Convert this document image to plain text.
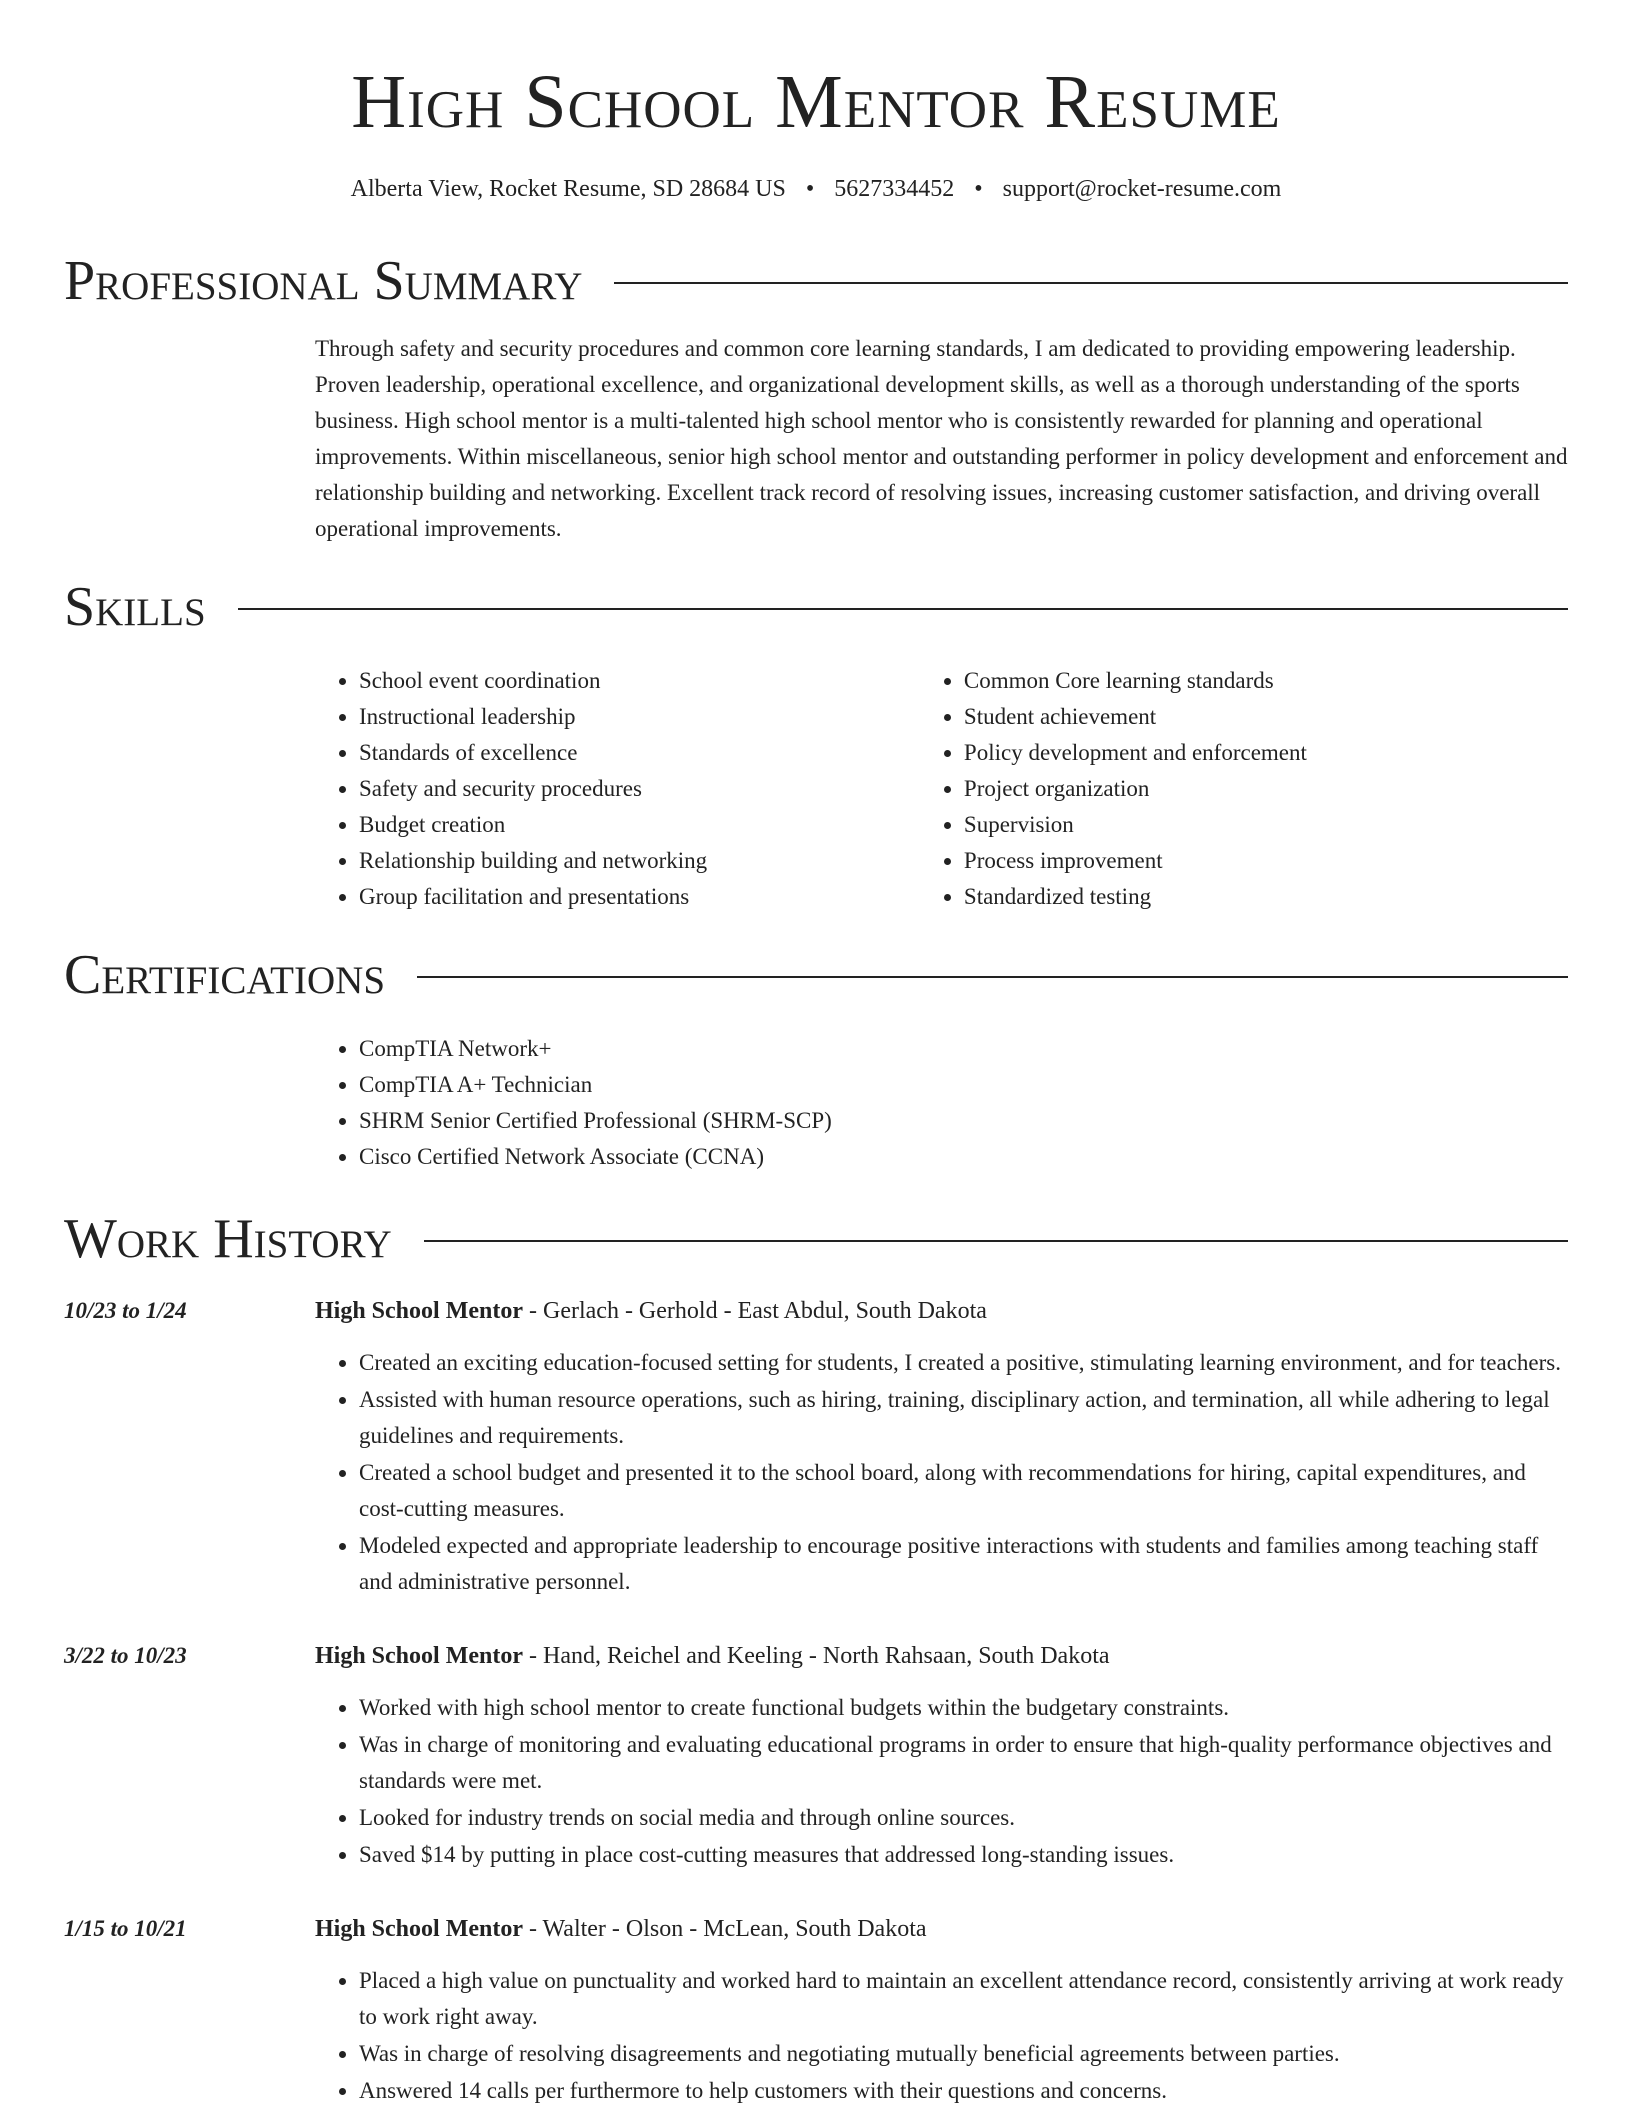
High School Mentor Resume
Alberta View, Rocket Resume, SD 28684 US • 5627334452 • support@rocket-resume.com
Professional Summary

Through safety and security procedures and common core learning standards, I am dedicated to providing empowering leadership. Proven leadership, operational excellence, and organizational development skills, as well as a thorough understanding of the sports business. High school mentor is a multi-talented high school mentor who is consistently rewarded for planning and operational improvements. Within miscellaneous, senior high school mentor and outstanding performer in policy development and enforcement and relationship building and networking. Excellent track record of resolving issues, increasing customer satisfaction, and driving overall operational improvements.

Skills
• School event coordination
• Instructional leadership
• Standards of excellence
• Safety and security procedures
• Budget creation
• Relationship building and networking
• Group facilitation and presentations
• Common Core learning standards
• Student achievement
• Policy development and enforcement
• Project organization
• Supervision
• Process improvement
• Standardized testing
Certifications
• CompTIA Network+
• CompTIA A+ Technician
• SHRM Senior Certified Professional (SHRM-SCP)
• Cisco Certified Network Associate (CCNA)
Work History
10/23 to 1/24	High School Mentor - Gerlach - Gerhold - East Abdul, South Dakota
• Created an exciting education-focused setting for students, I created a positive, stimulating learning environment, and for teachers.
• Assisted with human resource operations, such as hiring, training, disciplinary action, and termination, all while adhering to legal guidelines and requirements.
• Created a school budget and presented it to the school board, along with recommendations for hiring, capital expenditures, and cost-cutting measures.
• Modeled expected and appropriate leadership to encourage positive interactions with students and families among teaching staff and administrative personnel.
3/22 to 10/23	High School Mentor - Hand, Reichel and Keeling - North Rahsaan, South Dakota
• Worked with high school mentor to create functional budgets within the budgetary constraints.
• Was in charge of monitoring and evaluating educational programs in order to ensure that high-quality performance objectives and standards were met.
• Looked for industry trends on social media and through online sources.
• Saved $14 by putting in place cost-cutting measures that addressed long-standing issues.
1/15 to 10/21	High School Mentor - Walter - Olson - McLean, South Dakota
• Placed a high value on punctuality and worked hard to maintain an excellent attendance record, consistently arriving at work ready to work right away.
• Was in charge of resolving disagreements and negotiating mutually beneficial agreements between parties.
• Answered 14 calls per furthermore to help customers with their questions and concerns.
